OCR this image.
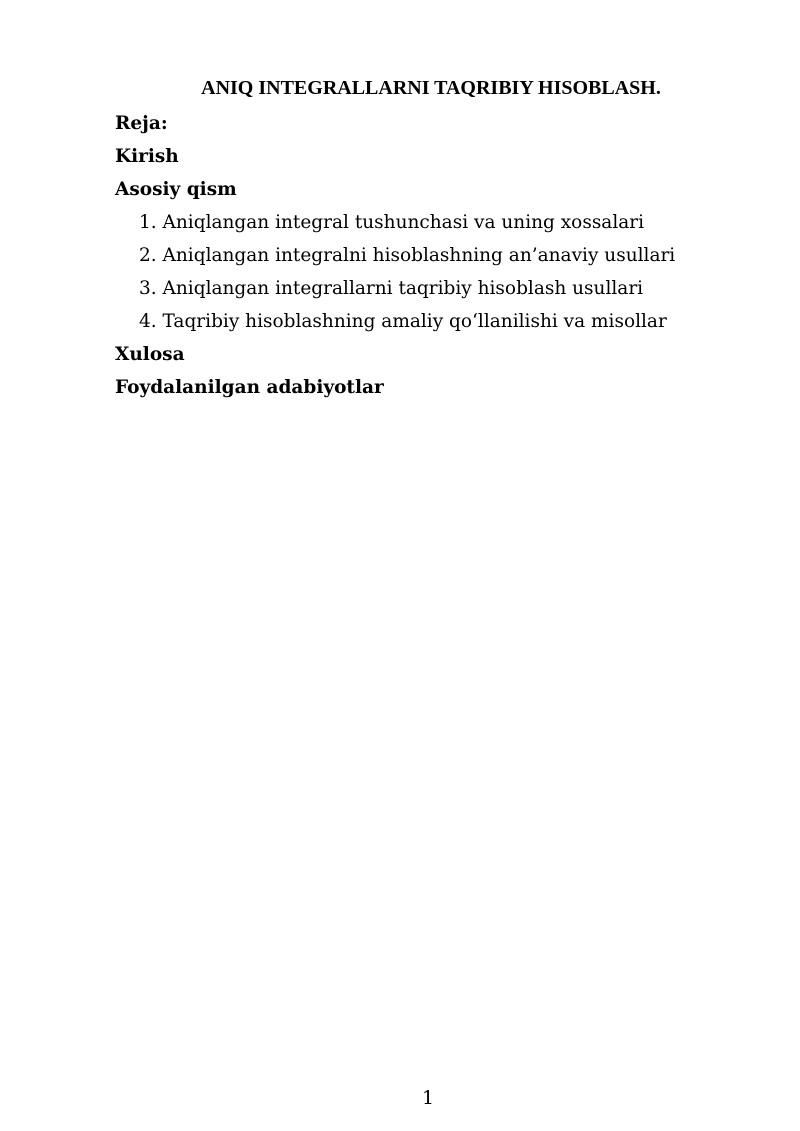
ANIQ INTEGRALLARNI TAQRIBIY HISOBLASH.
Reja:
Kirish
Asosiy qism
1. Aniqlangan integral tushunchasi va uning xossalari
2. Aniqlangan integralni hisoblashning an’anaviy usullari
3. Aniqlangan integrallarni taqribiy hisoblash usullari
4. Taqribiy hisoblashning amaliy qo‘llanilishi va misollar
Xulosa
Foydalanilgan adabiyotlar
1
